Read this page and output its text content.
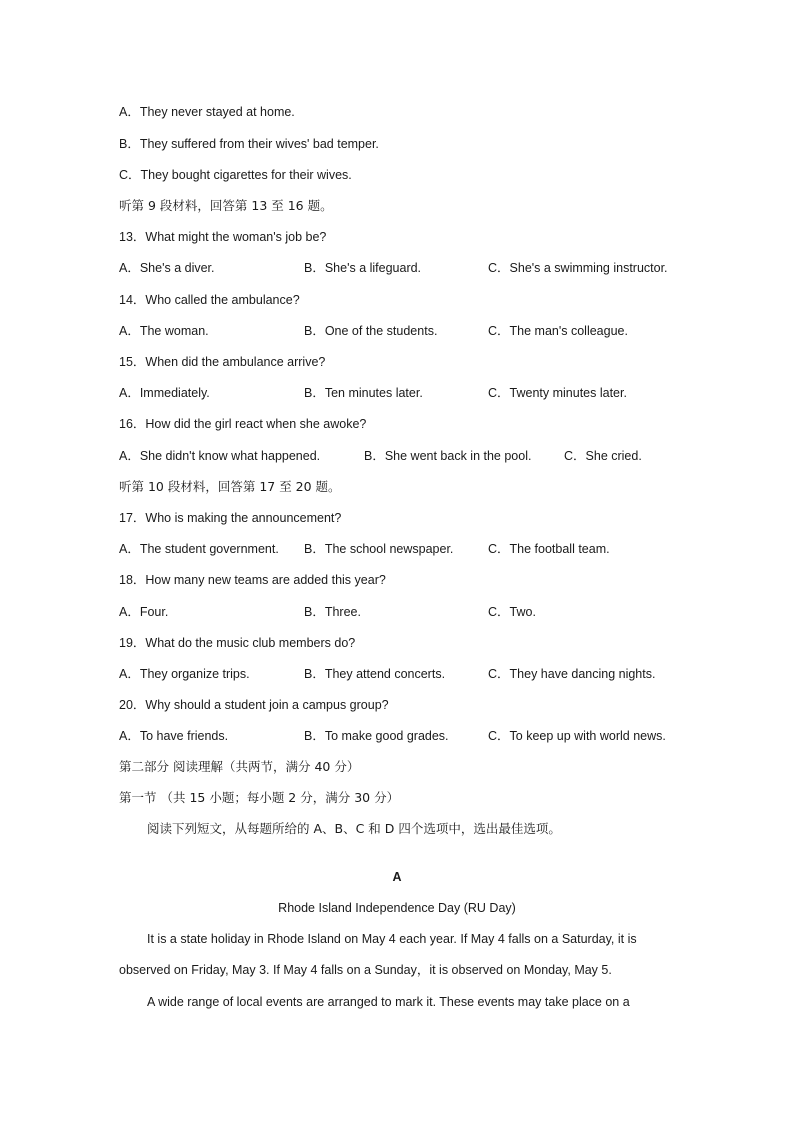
A．They never stayed at home.
B．They suffered from their wives' bad temper.
C．They bought cigarettes for their wives.
听第 9 段材料，回答第 13 至 16 题。
13．What might the woman's job be?
A．She's a diver.	B．She's a lifeguard.	C．She's a swimming instructor.
14．Who called the ambulance?
A．The woman.	B．One of the students.	C．The man's colleague.
15．When did the ambulance arrive?
A．Immediately.	B．Ten minutes later.	C．Twenty minutes later.
16．How did the girl react when she awoke?
A．She didn't know what happened.	B．She went back in the pool.	C．She cried.
听第 10 段材料，回答第 17 至 20 题。
17．Who is making the announcement?
A．The student government. B．The school newspaper.	C．The football team.
18．How many new teams are added this year?
A．Four.	B．Three.	C．Two.
19．What do the music club members do?
A．They organize trips.	B．They attend concerts.	C．They have dancing nights.
20．Why should a student join a campus group?
A．To have friends.	B．To make good grades.	C．To keep up with world news.
第二部分 阅读理解（共两节，满分 40 分）
第一节 （共 15 小题；每小题 2 分，满分 30 分）
阅读下列短文，从每题所给的 A、B、C 和 D 四个选项中，选出最佳选项。
A
Rhode Island Independence Day (RU Day)
It is a state holiday in Rhode Island on May 4 each year. If May 4 falls on a Saturday, it is
observed on Friday, May 3. If May 4 falls on a Sunday，it is observed on Monday, May 5.
A wide range of local events are arranged to mark it. These events may take place on a
